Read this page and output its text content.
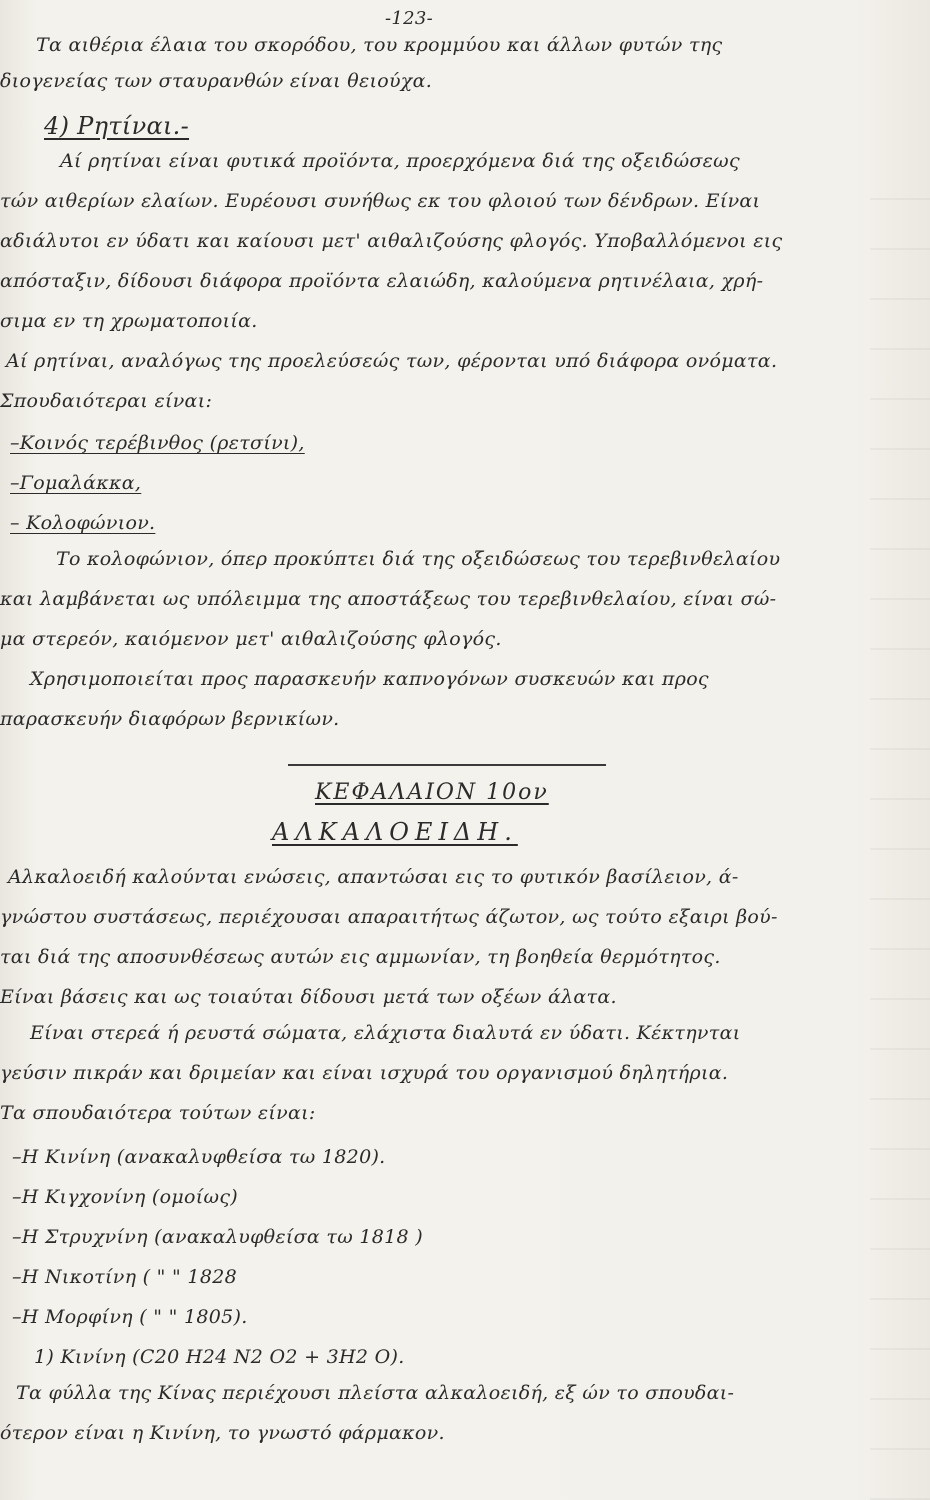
-123-
Τα αιθέρια έλαια του σκορόδου, του κρομμύου και άλλων φυτών της
διογενείας των σταυρανθών είναι θειούχα.
4) Ρητίναι.-
Αί ρητίναι είναι φυτικά προϊόντα, προερχόμενα διά της οξειδώσεως
τών αιθερίων ελαίων. Ευρέουσι συνήθως εκ του φλοιού των δένδρων. Είναι
αδιάλυτοι εν ύδατι και καίουσι μετ' αιθαλιζούσης φλογός. Υποβαλλόμενοι εις
απόσταξιν, δίδουσι διάφορα προϊόντα ελαιώδη, καλούμενα ρητινέλαια, χρή-
σιμα εν τη χρωματοποιία.
Αί ρητίναι, αναλόγως της προελεύσεώς των, φέρονται υπό διάφορα ονόματα.
Σπουδαιότεραι είναι:
–Κοινός τερέβινθος (ρετσίνι),
–Γομαλάκκα,
– Κολοφώνιον.
Το κολοφώνιον, όπερ προκύπτει διά της οξειδώσεως του τερεβινθελαίου
και λαμβάνεται ως υπόλειμμα της αποστάξεως του τερεβινθελαίου, είναι σώ-
μα στερεόν, καιόμενον μετ' αιθαλιζούσης φλογός.
Χρησιμοποιείται προς παρασκευήν καπνογόνων συσκευών και προς
παρασκευήν διαφόρων βερνικίων.
ΚΕΦΑΛΑΙΟΝ 10ον
ΑΛΚΑΛΟΕΙΔΗ.
Αλκαλοειδή καλούνται ενώσεις, απαντώσαι εις το φυτικόν βασίλειον, ά-
γνώστου συστάσεως, περιέχουσαι απαραιτήτως άζωτον, ως τούτο εξαιρι βού-
ται διά της αποσυνθέσεως αυτών εις αμμωνίαν, τη βοηθεία θερμότητος.
Είναι βάσεις και ως τοιαύται δίδουσι μετά των οξέων άλατα.
Είναι στερεά ή ρευστά σώματα, ελάχιστα διαλυτά εν ύδατι. Κέκτηνται
γεύσιν πικράν και δριμείαν και είναι ισχυρά του οργανισμού δηλητήρια.
Τα σπουδαιότερα τούτων είναι:
–Η Κινίνη (ανακαλυφθείσα τω 1820).
–Η Κιγχονίνη (ομοίως)
–Η Στρυχνίνη (ανακαλυφθείσα τω 1818 )
–Η Νικοτίνη ( " " 1828
–Η Μορφίνη ( " " 1805).
1) Κινίνη (C20 H24 N2 O2 + 3H2 O).
Τα φύλλα της Κίνας περιέχουσι πλείστα αλκαλοειδή, εξ ών το σπουδαι-
ότερον είναι η Κινίνη, το γνωστό φάρμακον.
